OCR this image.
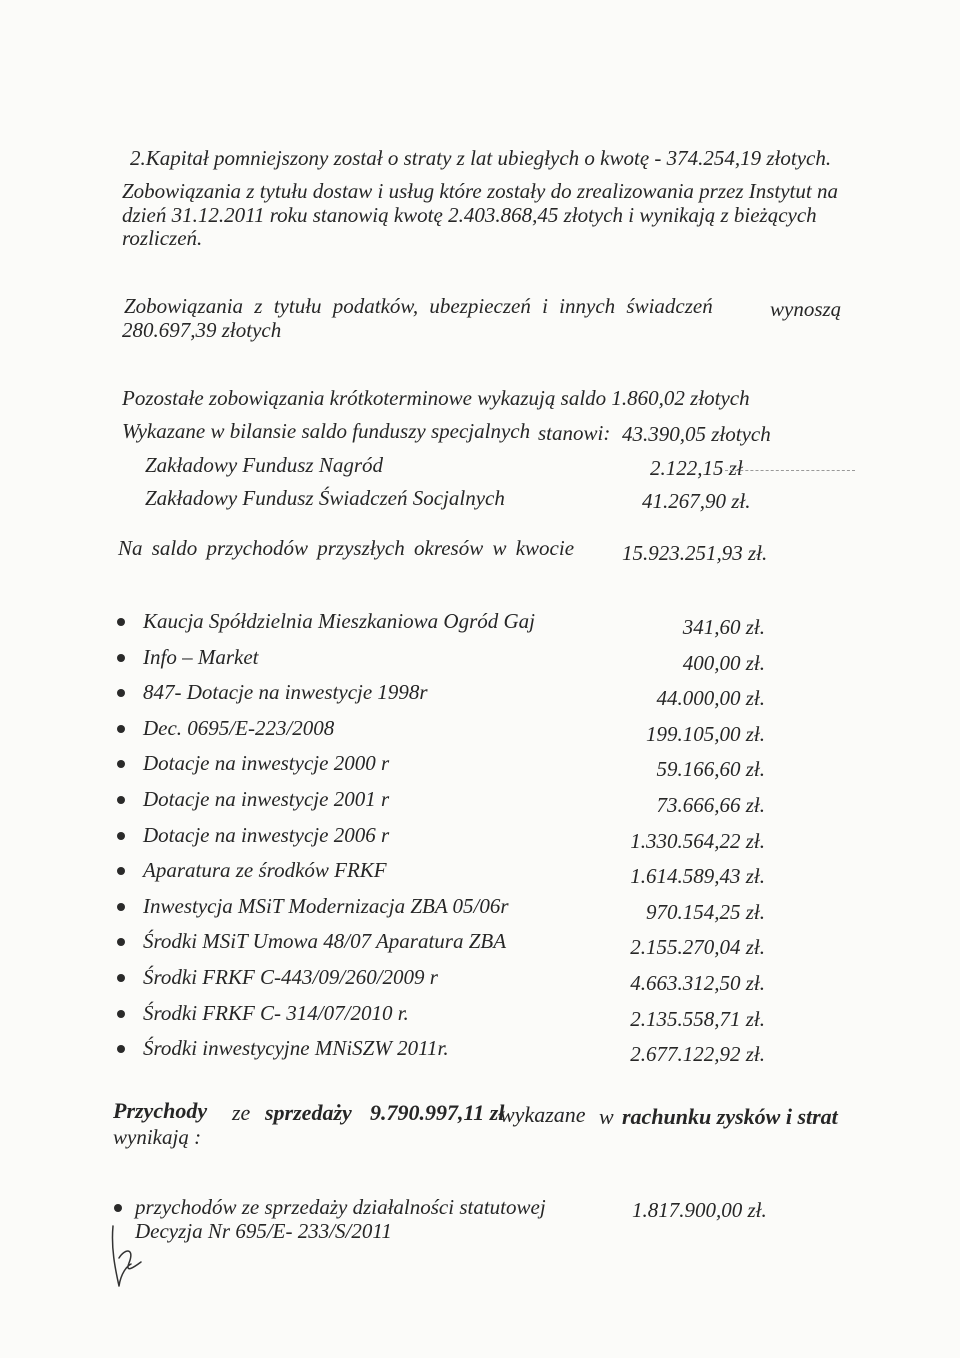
2.Kapitał pomniejszony został o straty z lat ubiegłych o kwotę - 374.254,19 złotych.
Zobowiązania z tytułu dostaw i usług które zostały do zrealizowania przez Instytut na
dzień 31.12.2011 roku stanowią kwotę 2.403.868,45 złotych i wynikają z bieżących
rozliczeń.
Zobowiązania z tytułu podatków, ubezpieczeń i innych świadczeń	wynoszą
280.697,39 złotych
Pozostałe zobowiązania krótkoterminowe wykazują saldo 1.860,02 złotych
Wykazane w bilansie saldo funduszy specjalnych stanowi: 43.390,05 złotych
Zakładowy Fundusz Nagród	2.122,15 zł
Zakładowy Fundusz Świadczeń Socjalnych	41.267,90 zł.
Na saldo przychodów przyszłych okresów w kwocie 15.923.251,93 zł.
Kaucja Spółdzielnia Mieszkaniowa Ogród Gaj	341,60 zł.
Info – Market	400,00 zł.
847- Dotacje na inwestycje 1998r	44.000,00 zł.
Dec. 0695/E-223/2008	199.105,00 zł.
Dotacje na inwestycje 2000 r	59.166,60 zł.
Dotacje na inwestycje 2001 r	73.666,66 zł.
Dotacje na inwestycje 2006 r	1.330.564,22 zł.
Aparatura ze środków FRKF	1.614.589,43 zł.
Inwestycja MSiT Modernizacja ZBA 05/06r	970.154,25 zł.
Środki MSiT Umowa 48/07 Aparatura ZBA	2.155.270,04 zł.
Środki FRKF C-443/09/260/2009 r	4.663.312,50 zł.
Środki FRKF C- 314/07/2010 r.	2.135.558,71 zł.
Środki inwestycyjne MNiSZW 2011r.	2.677.122,92 zł.
Przychody ze sprzedaży 9.790.997,11 zł
wykazane w rachunku zysków i strat
wynikają :
przychodów ze sprzedaży działalności statutowej
Decyzja Nr 695/E- 233/S/2011
1.817.900,00 zł.
